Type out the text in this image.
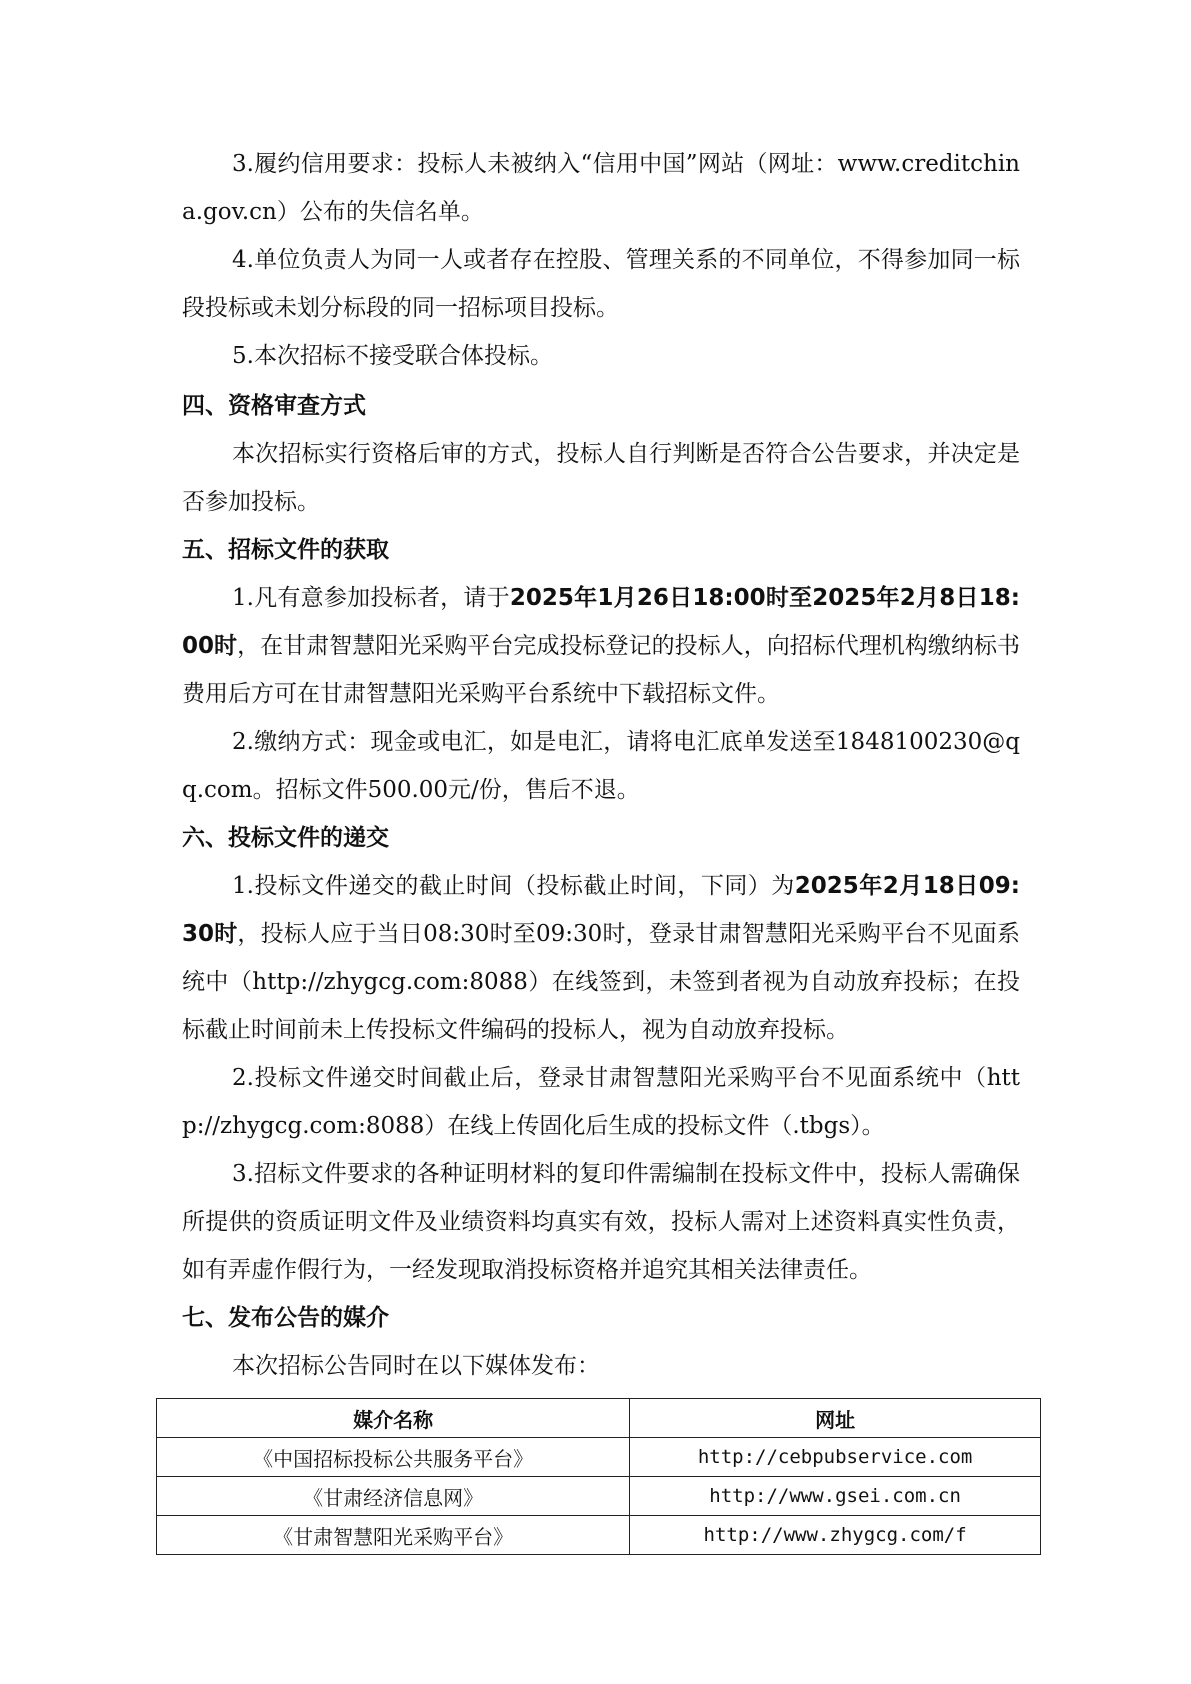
3.履约信用要求：投标人未被纳入“信用中国”网站（网址：www.creditchina.gov.cn）公布的失信名单。

4.单位负责人为同一人或者存在控股、管理关系的不同单位，不得参加同一标段投标或未划分标段的同一招标项目投标。

5.本次招标不接受联合体投标。

四、资格审查方式

本次招标实行资格后审的方式，投标人自行判断是否符合公告要求，并决定是否参加投标。

五、招标文件的获取

1.凡有意参加投标者，请于2025年1月26日18:00时至2025年2月8日18:00时，在甘肃智慧阳光采购平台完成投标登记的投标人，向招标代理机构缴纳标书费用后方可在甘肃智慧阳光采购平台系统中下载招标文件。

2.缴纳方式：现金或电汇，如是电汇，请将电汇底单发送至1848100230@qq.com。招标文件500.00元/份，售后不退。

六、投标文件的递交

1.投标文件递交的截止时间（投标截止时间，下同）为2025年2月18日09:30时，投标人应于当日08:30时至09:30时，登录甘肃智慧阳光采购平台不见面系统中（http://zhygcg.com:8088）在线签到，未签到者视为自动放弃投标；在投标截止时间前未上传投标文件编码的投标人，视为自动放弃投标。

2.投标文件递交时间截止后，登录甘肃智慧阳光采购平台不见面系统中（http://zhygcg.com:8088）在线上传固化后生成的投标文件（.tbgs）。

3.招标文件要求的各种证明材料的复印件需编制在投标文件中，投标人需确保所提供的资质证明文件及业绩资料均真实有效，投标人需对上述资料真实性负责，如有弄虚作假行为，一经发现取消投标资格并追究其相关法律责任。

七、发布公告的媒介

本次招标公告同时在以下媒体发布：

媒介名称	网址
《中国招标投标公共服务平台》	http://cebpubservice.com
《甘肃经济信息网》	http://www.gsei.com.cn
《甘肃智慧阳光采购平台》	http://www.zhygcg.com/f
